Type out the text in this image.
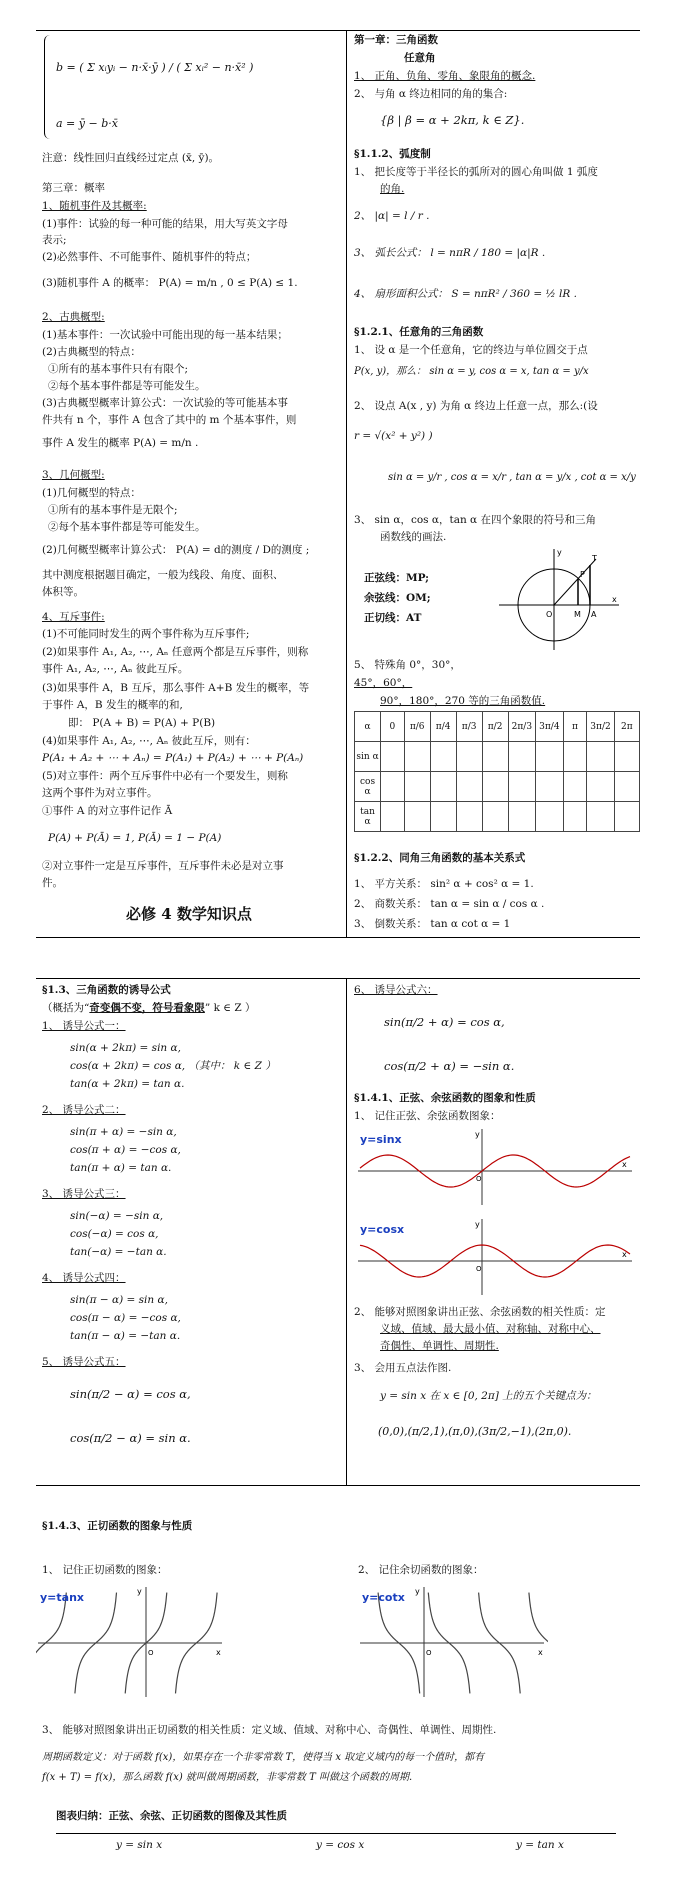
b = ( Σ xᵢyᵢ − n·x̄·ȳ ) / ( Σ xᵢ² − n·x̄² )
a = ȳ − b·x̄
注意：线性回归直线经过定点 (x̄, ȳ)。
第三章：概率
1、随机事件及其概率:
(1)事件：试验的每一种可能的结果，用大写英文字母
表示;
(2)必然事件、不可能事件、随机事件的特点；
(3)随机事件 A 的概率： P(A) = m/n , 0 ≤ P(A) ≤ 1.
2、古典概型:
(1)基本事件：一次试验中可能出现的每一基本结果；
(2)古典概型的特点：
①所有的基本事件只有有限个;
②每个基本事件都是等可能发生。
(3)古典概型概率计算公式：一次试验的等可能基本事
件共有 n 个，事件 A 包含了其中的 m 个基本事件，则
事件 A 发生的概率 P(A) = m/n .
3、几何概型:
(1)几何概型的特点：
①所有的基本事件是无限个;
②每个基本事件都是等可能发生。
(2)几何概型概率计算公式： P(A) = d的测度 / D的测度 ;
其中测度根据题目确定，一般为线段、角度、面积、
体积等。
4、互斥事件:
(1)不可能同时发生的两个事件称为互斥事件;
(2)如果事件 A₁, A₂, ⋯, Aₙ 任意两个都是互斥事件，则称
事件 A₁, A₂, ⋯, Aₙ 彼此互斥。
(3)如果事件 A，B 互斥，那么事件 A+B 发生的概率，等
于事件 A，B 发生的概率的和,
即： P(A + B) = P(A) + P(B)
(4)如果事件 A₁, A₂, ⋯, Aₙ 彼此互斥，则有：
P(A₁ + A₂ + ⋯ + Aₙ) = P(A₁) + P(A₂) + ⋯ + P(Aₙ)
(5)对立事件：两个互斥事件中必有一个要发生，则称
这两个事件为对立事件。
①事件 A 的对立事件记作 Ā
P(A) + P(Ā) = 1, P(Ā) = 1 − P(A)
②对立事件一定是互斥事件，互斥事件未必是对立事
件。
必修 4 数学知识点
第一章：三角函数
任意角
1、 正角、负角、零角、象限角的概念.
2、 与角 α 终边相同的角的集合:
{β | β = α + 2kπ, k ∈ Z}.
§1.1.2、弧度制
1、 把长度等于半径长的弧所对的圆心角叫做 1 弧度
的角.
2、 |α| = l / r .
3、 弧长公式： l = nπR / 180 = |α|R .
4、 扇形面积公式： S = nπR² / 360 = ½ lR .
§1.2.1、任意角的三角函数
1、 设 α 是一个任意角，它的终边与单位圆交于点
P(x, y)，那么： sin α = y, cos α = x, tan α = y/x
2、 设点 A(x , y) 为角 α 终边上任意一点，那么:(设
r = √(x² + y²) )
sin α = y/r , cos α = x/r , tan α = y/x , cot α = x/y
3、 sin α，cos α，tan α 在四个象限的符号和三角
函数线的画法.
正弦线：MP;
余弦线：OM;
正切线：AT	O	M A
P
T
y
x
5、 特殊角 0°，30°，
45°，60°，
90°，180°，270 等的三角函数值.
α	0	π/6	π/4	π/3	π/2	2π/3	3π/4	π	3π/2	2π
sin α										
cos α										
tan α										
§1.2.2、同角三角函数的基本关系式
1、 平方关系： sin² α + cos² α = 1.
2、 商数关系： tan α = sin α / cos α .
3、 倒数关系： tan α cot α = 1
§1.3、三角函数的诱导公式
（概括为“奇变偶不变，符号看象限” k ∈ Z ）
1、 诱导公式一：
sin(α + 2kπ) = sin α,
cos(α + 2kπ) = cos α, （其中： k ∈ Z ）
tan(α + 2kπ) = tan α.
2、 诱导公式二：
sin(π + α) = −sin α,
cos(π + α) = −cos α,
tan(π + α) = tan α.
3、 诱导公式三：
sin(−α) = −sin α,
cos(−α) = cos α,
tan(−α) = −tan α.
4、 诱导公式四：
sin(π − α) = sin α,
cos(π − α) = −cos α,
tan(π − α) = −tan α.
5、 诱导公式五：
sin(π/2 − α) = cos α,
cos(π/2 − α) = sin α.
6、 诱导公式六：
sin(π/2 + α) = cos α,
cos(π/2 + α) = −sin α.
§1.4.1、正弦、余弦函数的图象和性质
1、 记住正弦、余弦函数图象：
y=sinx	y
x
O
y=cosx	y
x
O
2、 能够对照图象讲出正弦、余弦函数的相关性质：定
义域、值域、最大最小值、对称轴、对称中心、
奇偶性、单调性、周期性.
3、 会用五点法作图.
y = sin x 在 x ∈ [0, 2π] 上的五个关键点为：
(0,0),(π/2,1),(π,0),(3π/2,−1),(2π,0).
§1.4.3、正切函数的图象与性质
1、 记住正切函数的图象：	2、 记住余切函数的图象：
y=tanx	y
x
O
y=cotx y
x
O
3、 能够对照图象讲出正切函数的相关性质：定义域、值域、对称中心、奇偶性、单调性、周期性.
周期函数定义：对于函数 f(x)，如果存在一个非零常数 T，使得当 x 取定义域内的每一个值时，都有
f(x + T) = f(x)，那么函数 f(x) 就叫做周期函数，非零常数 T 叫做这个函数的周期.
图表归纳：正弦、余弦、正切函数的图像及其性质
y = sin x	y = cos x	y = tan x
